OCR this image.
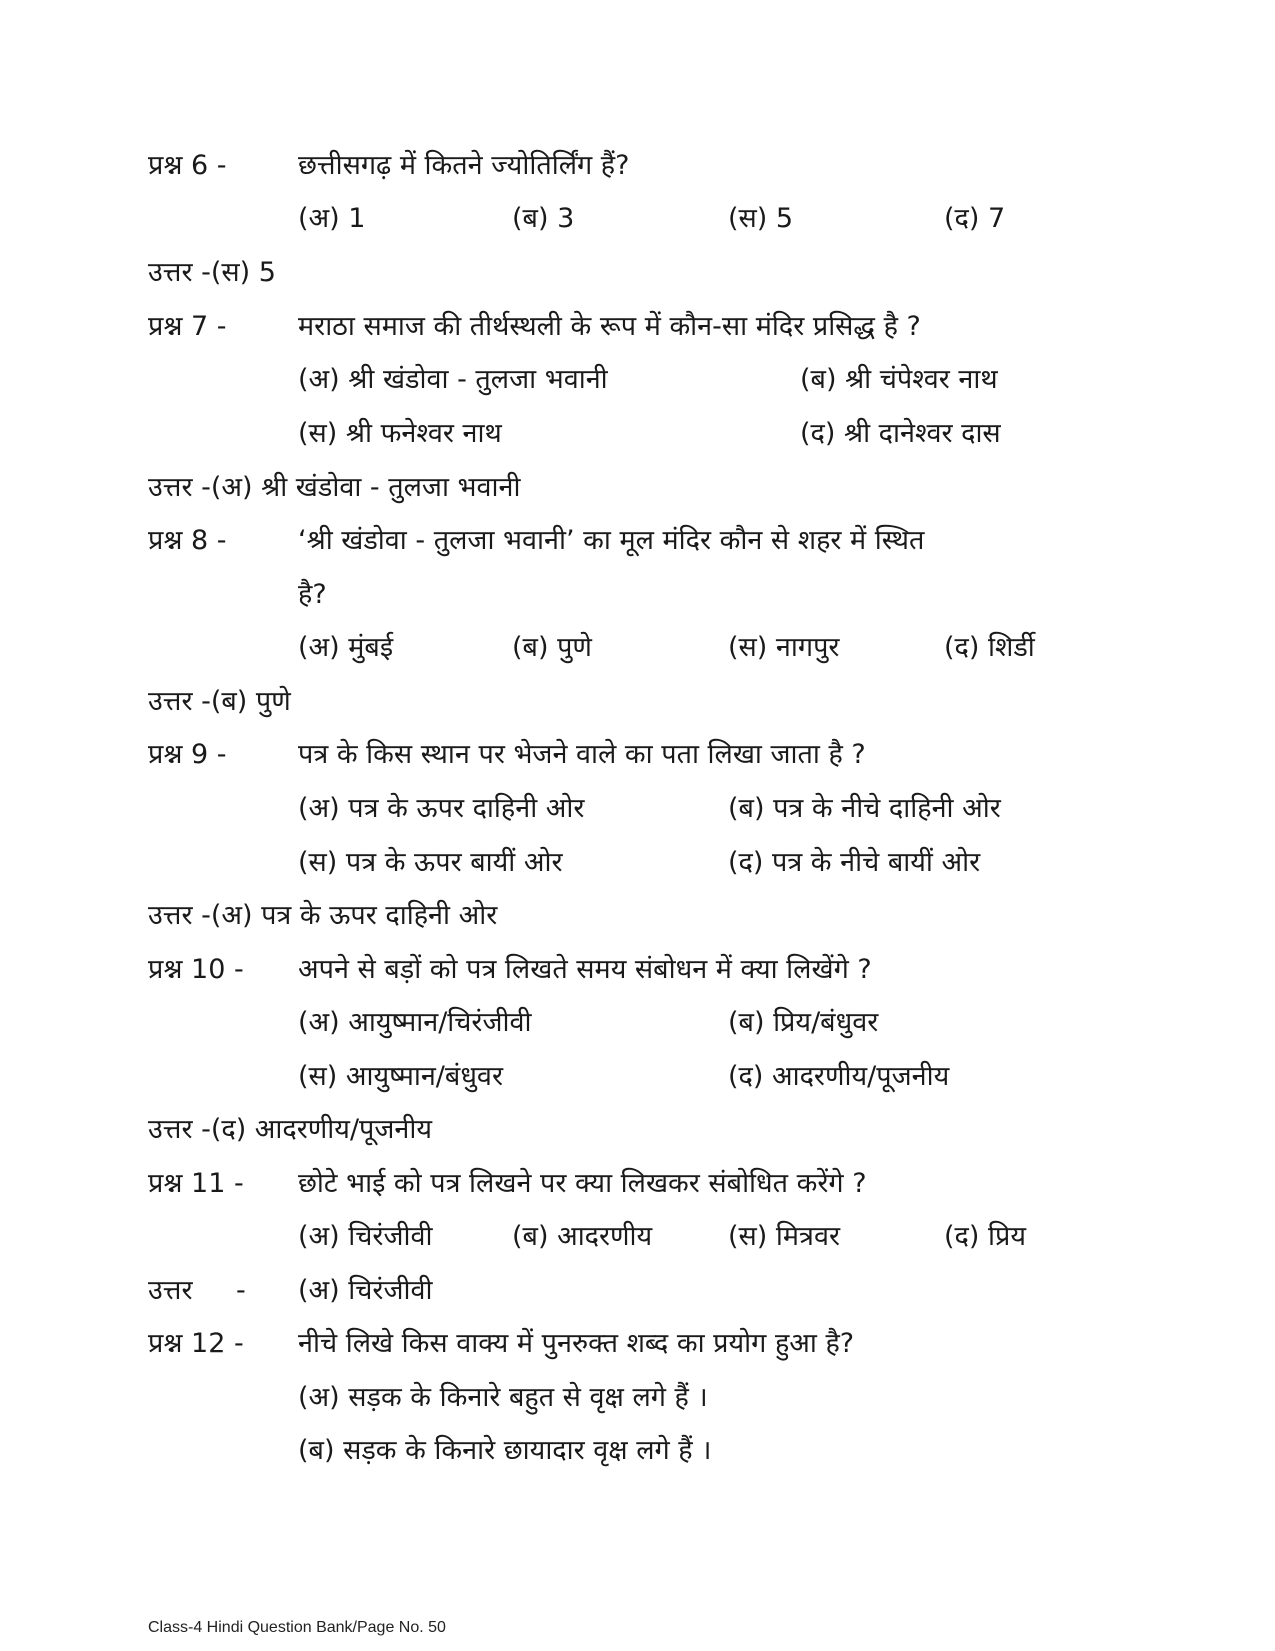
प्रश्न 6 -	छत्तीसगढ़ में कितने ज्योतिर्लिंग हैं?
(अ) 1	(ब) 3	(स) 5	(द) 7
उत्तर -(स) 5
प्रश्न 7 -	मराठा समाज की तीर्थस्थली के रूप में कौन-सा मंदिर प्रसिद्ध है ?
(अ) श्री खंडोवा - तुलजा भवानी	(ब) श्री चंपेश्वर नाथ
(स) श्री फनेश्वर नाथ	(द) श्री दानेश्वर दास
उत्तर -(अ) श्री खंडोवा - तुलजा भवानी
प्रश्न 8 -	‘श्री खंडोवा - तुलजा भवानी’ का मूल मंदिर कौन से शहर में स्थित
है?
(अ) मुंबई	(ब) पुणे	(स) नागपुर	(द) शिर्डी
उत्तर -(ब) पुणे
प्रश्न 9 -	पत्र के किस स्थान पर भेजने वाले का पता लिखा जाता है ?
(अ) पत्र के ऊपर दाहिनी ओर	(ब) पत्र के नीचे दाहिनी ओर
(स) पत्र के ऊपर बायीं ओर	(द) पत्र के नीचे बायीं ओर
उत्तर -(अ) पत्र के ऊपर दाहिनी ओर
प्रश्न 10 - अपने से बड़ों को पत्र लिखते समय संबोधन में क्या लिखेंगे ?
(अ) आयुष्मान/चिरंजीवी	(ब) प्रिय/बंधुवर
(स) आयुष्मान/बंधुवर	(द) आदरणीय/पूजनीय
उत्तर -(द) आदरणीय/पूजनीय
प्रश्न 11 - छोटे भाई को पत्र लिखने पर क्या लिखकर संबोधित करेंगे ?
(अ) चिरंजीवी	(ब) आदरणीय	(स) मित्रवर	(द) प्रिय
उत्तर - (अ) चिरंजीवी
प्रश्न 12 - नीचे लिखे किस वाक्य में पुनरुक्त शब्द का प्रयोग हुआ है?
(अ) सड़क के किनारे बहुत से वृक्ष लगे हैं ।
(ब) सड़क के किनारे छायादार वृक्ष लगे हैं ।
Class-4 Hindi Question Bank/Page No. 50
